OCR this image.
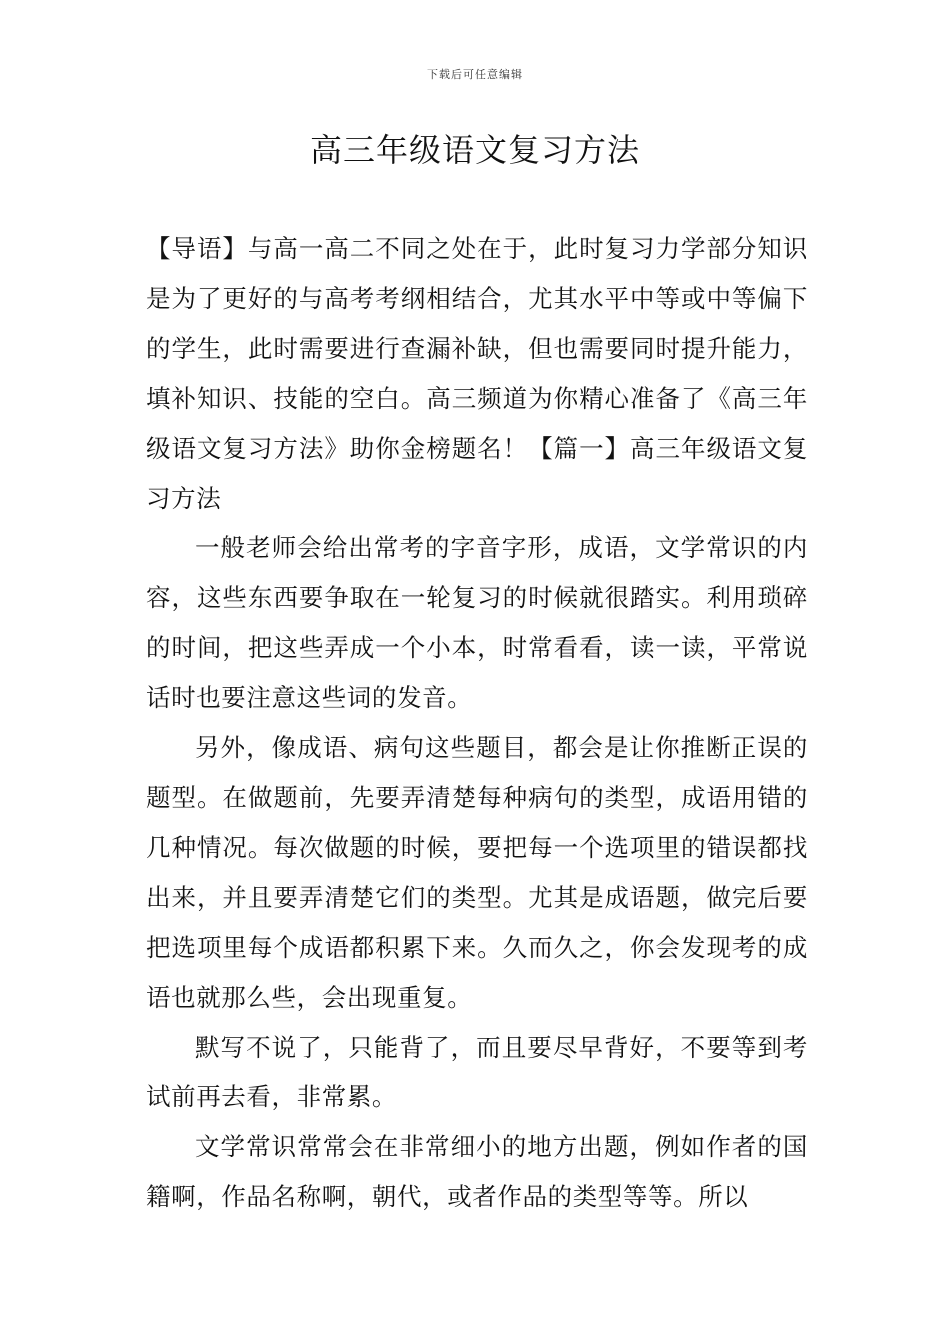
下载后可任意编辑
高三年级语文复习方法

【导语】与高一高二不同之处在于，此时复习力学部分知识是为了更好的与高考考纲相结合，尤其水平中等或中等偏下的学生，此时需要进行查漏补缺，但也需要同时提升能力，填补知识、技能的空白。高三频道为你精心准备了《高三年级语文复习方法》助你金榜题名！【篇一】高三年级语文复习方法

一般老师会给出常考的字音字形，成语，文学常识的内容，这些东西要争取在一轮复习的时候就很踏实。利用琐碎的时间，把这些弄成一个小本，时常看看，读一读，平常说话时也要注意这些词的发音。

另外，像成语、病句这些题目，都会是让你推断正误的题型。在做题前，先要弄清楚每种病句的类型，成语用错的几种情况。每次做题的时候，要把每一个选项里的错误都找出来，并且要弄清楚它们的类型。尤其是成语题，做完后要把选项里每个成语都积累下来。久而久之，你会发现考的成语也就那么些，会出现重复。

默写不说了，只能背了，而且要尽早背好，不要等到考试前再去看，非常累。

文学常识常常会在非常细小的地方出题，例如作者的国籍啊，作品名称啊，朝代，或者作品的类型等等。所以
